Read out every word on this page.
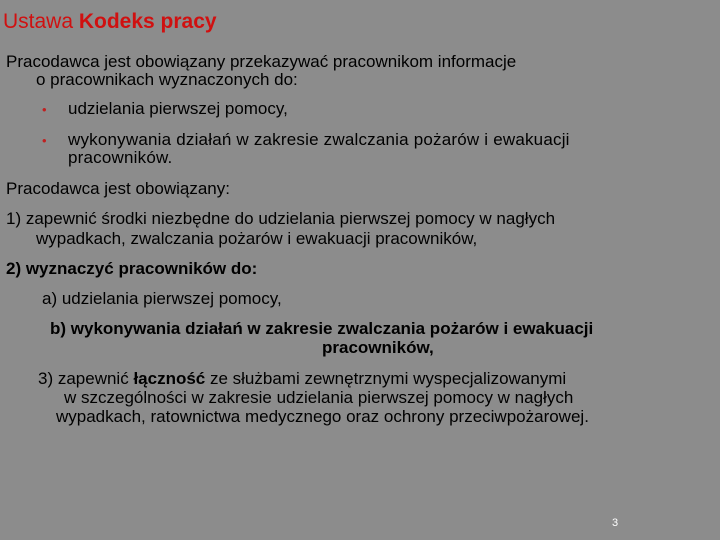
Ustawa Kodeks pracy
Pracodawca jest obowiązany przekazywać pracownikom informacje
o pracownikach wyznaczonych do:
• udzielania pierwszej pomocy,
• wykonywania działań w zakresie zwalczania pożarów i ewakuacji
pracowników.
Pracodawca jest obowiązany:
1) zapewnić środki niezbędne do udzielania pierwszej pomocy w nagłych
wypadkach, zwalczania pożarów i ewakuacji pracowników,
2) wyznaczyć pracowników do:
a) udzielania pierwszej pomocy,
b) wykonywania działań w zakresie zwalczania pożarów i ewakuacji
pracowników,
3) zapewnić łączność ze służbami zewnętrznymi wyspecjalizowanymi
w szczególności w zakresie udzielania pierwszej pomocy w nagłych
wypadkach, ratownictwa medycznego oraz ochrony przeciwpożarowej.
3
